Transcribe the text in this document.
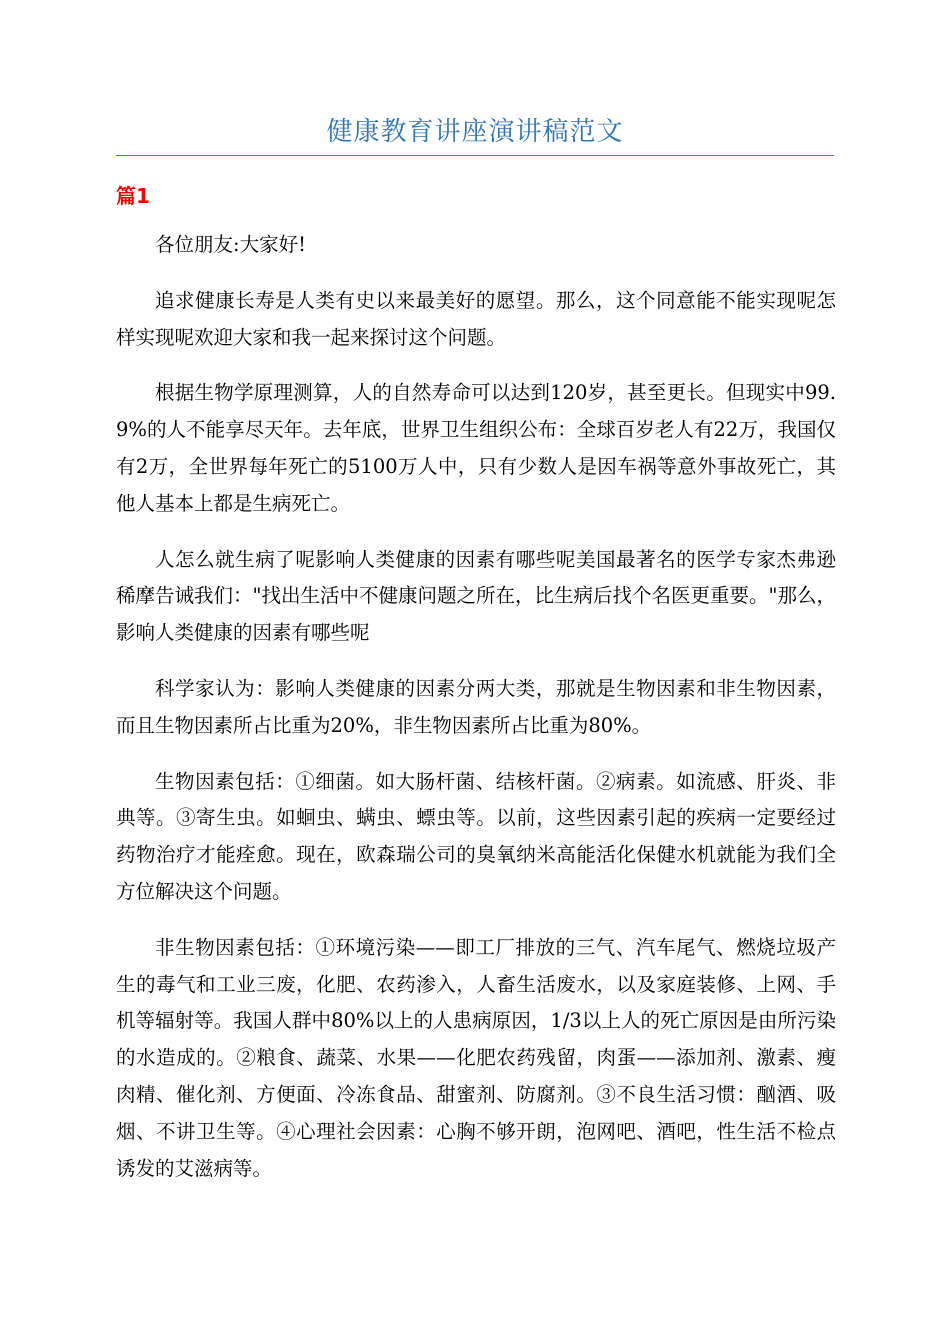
健康教育讲座演讲稿范文
篇1

各位朋友:大家好!

追求健康长寿是人类有史以来最美好的愿望。那么，这个同意能不能实现呢怎样实现呢欢迎大家和我一起来探讨这个问题。

根据生物学原理测算，人的自然寿命可以达到120岁，甚至更长。但现实中99.9%的人不能享尽天年。去年底，世界卫生组织公布：全球百岁老人有22万，我国仅有2万，全世界每年死亡的5100万人中，只有少数人是因车祸等意外事故死亡，其他人基本上都是生病死亡。

人怎么就生病了呢影响人类健康的因素有哪些呢美国最著名的医学专家杰弗逊稀摩告诫我们："找出生活中不健康问题之所在，比生病后找个名医更重要。"那么，影响人类健康的因素有哪些呢

科学家认为：影响人类健康的因素分两大类，那就是生物因素和非生物因素，而且生物因素所占比重为20%，非生物因素所占比重为80%。

生物因素包括：①细菌。如大肠杆菌、结核杆菌。②病素。如流感、肝炎、非典等。③寄生虫。如蛔虫、螨虫、螵虫等。以前，这些因素引起的疾病一定要经过药物治疗才能痊愈。现在，欧森瑞公司的臭氧纳米高能活化保健水机就能为我们全方位解决这个问题。

非生物因素包括：①环境污染——即工厂排放的三气、汽车尾气、燃烧垃圾产生的毒气和工业三废，化肥、农药渗入，人畜生活废水，以及家庭装修、上网、手机等辐射等。我国人群中80%以上的人患病原因，1/3以上人的死亡原因是由所污染的水造成的。②粮食、蔬菜、水果——化肥农药残留，肉蛋——添加剂、激素、瘦肉精、催化剂、方便面、冷冻食品、甜蜜剂、防腐剂。③不良生活习惯：酗酒、吸烟、不讲卫生等。④心理社会因素：心胸不够开朗，泡网吧、酒吧，性生活不检点诱发的艾滋病等。
